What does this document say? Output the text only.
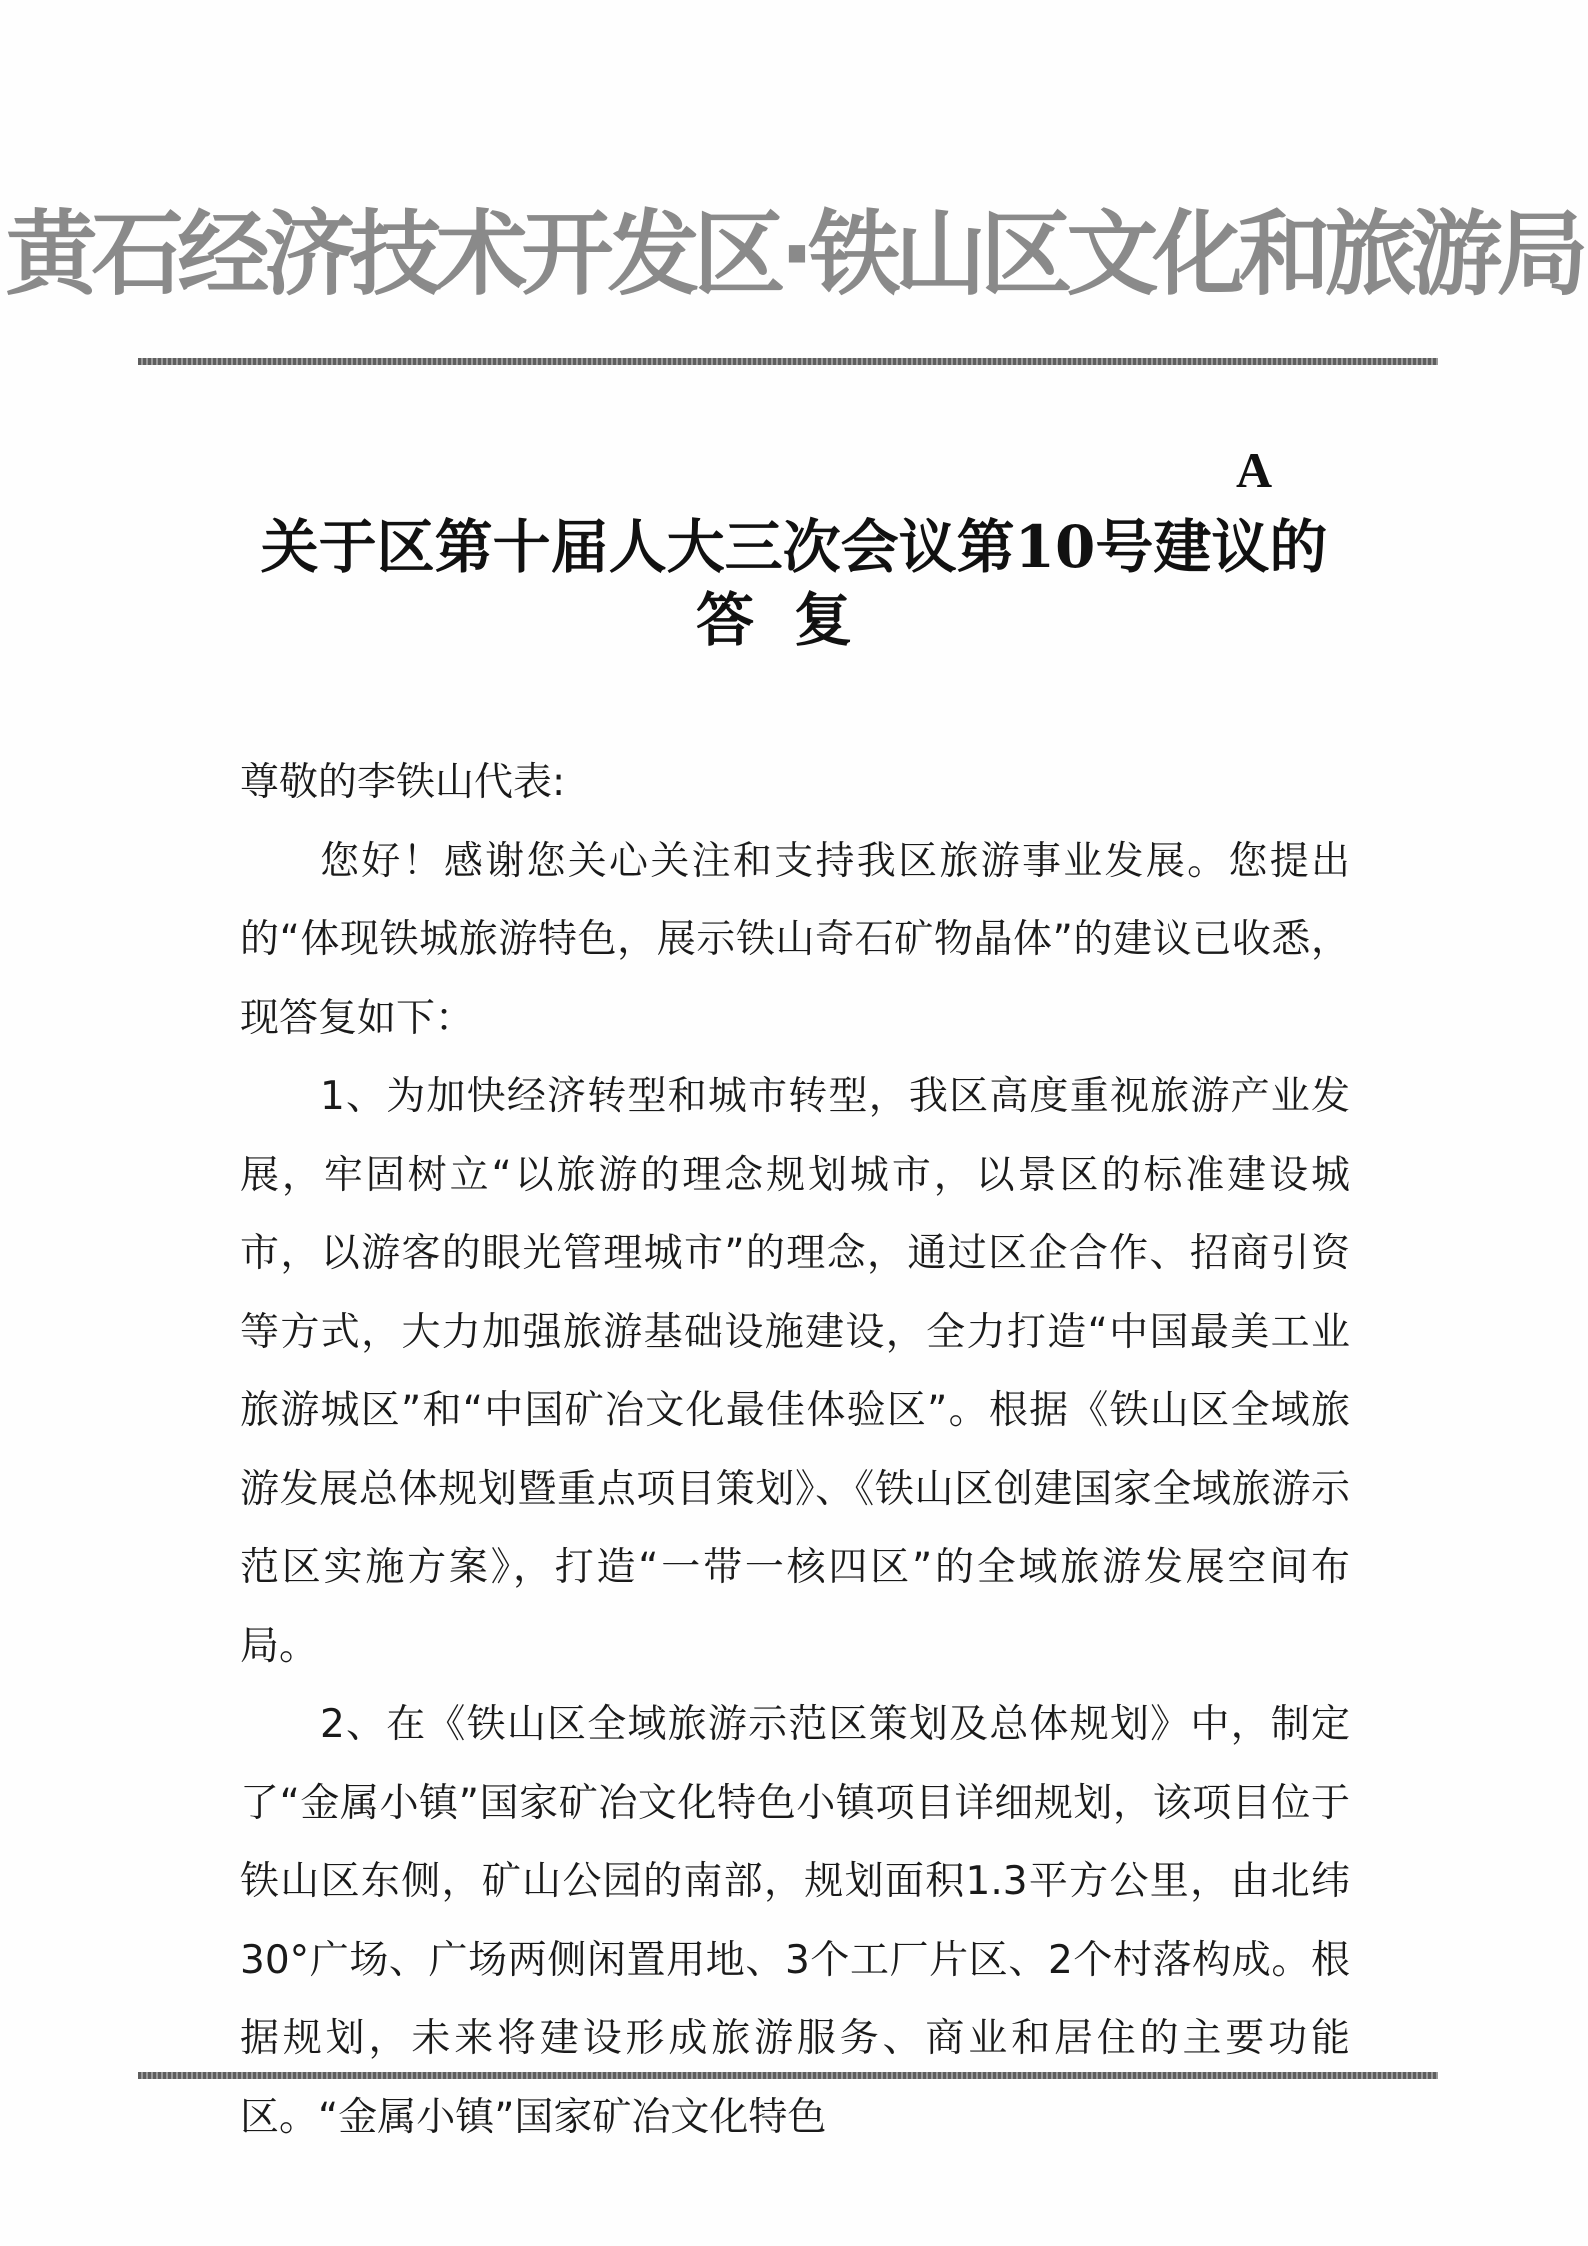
黄石经济技术开发区·铁山区文化和旅游局
A
关于区第十届人大三次会议第10号建议的
答复

尊敬的李铁山代表:

您好！感谢您关心关注和支持我区旅游事业发展。您提出的“体现铁城旅游特色，展示铁山奇石矿物晶体”的建议已收悉，现答复如下：

1、为加快经济转型和城市转型，我区高度重视旅游产业发展，牢固树立“以旅游的理念规划城市，以景区的标准建设城市，以游客的眼光管理城市”的理念，通过区企合作、招商引资等方式，大力加强旅游基础设施建设，全力打造“中国最美工业旅游城区”和“中国矿冶文化最佳体验区”。根据《铁山区全域旅游发展总体规划暨重点项目策划》、《铁山区创建国家全域旅游示范区实施方案》，打造“一带一核四区”的全域旅游发展空间布局。

2、在《铁山区全域旅游示范区策划及总体规划》中，制定了“金属小镇”国家矿冶文化特色小镇项目详细规划，该项目位于铁山区东侧，矿山公园的南部，规划面积1.3平方公里，由北纬30°广场、广场两侧闲置用地、3个工厂片区、2个村落构成。根据规划，未来将建设形成旅游服务、商业和居住的主要功能区。“金属小镇”国家矿冶文化特色
